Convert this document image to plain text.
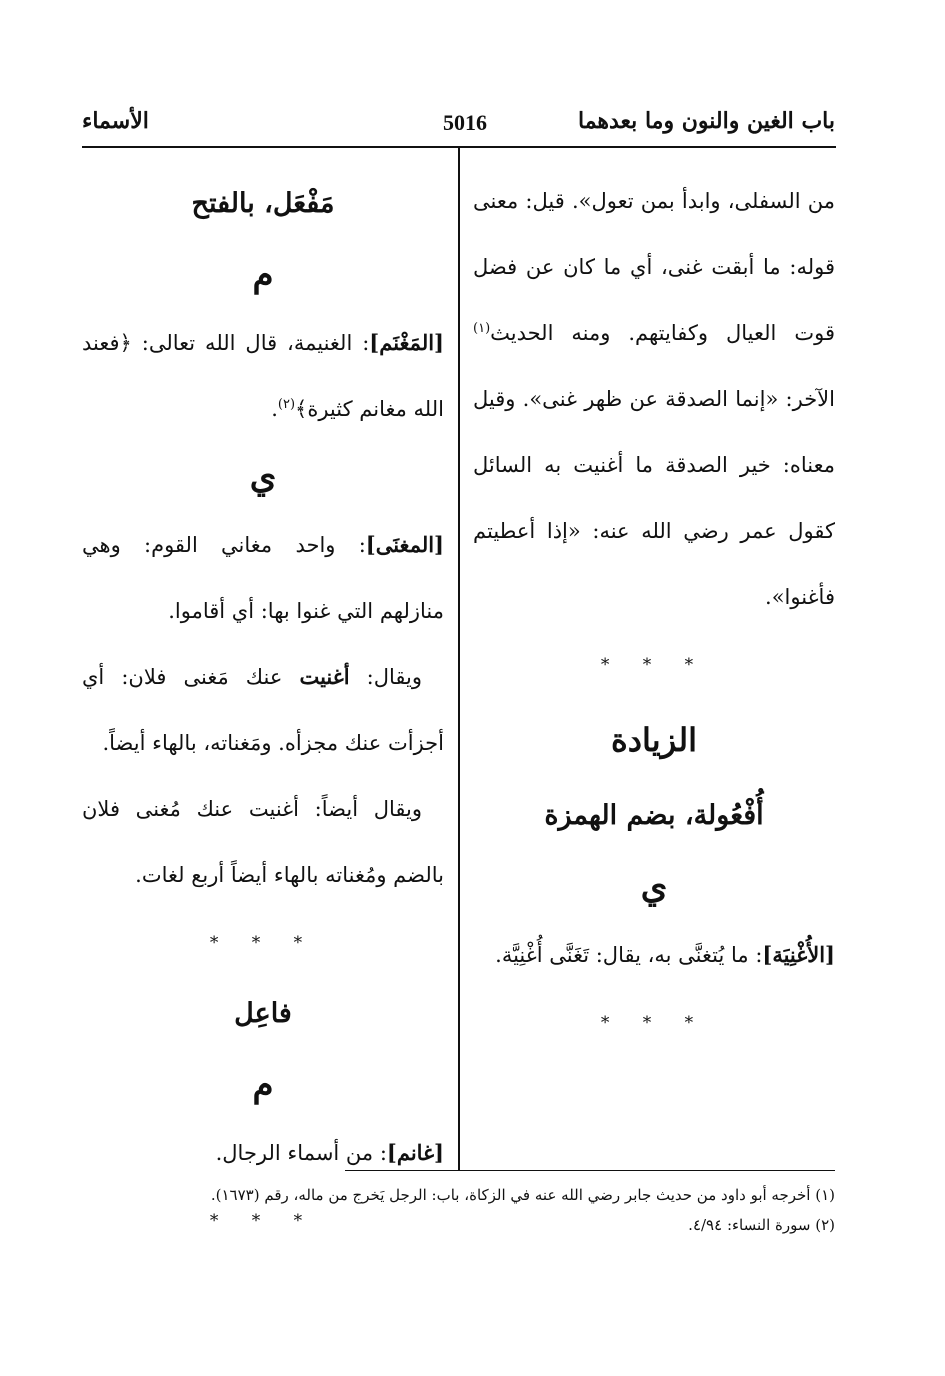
باب الغين والنون وما بعدهما
5016
الأسماء

من السفلى، وابدأ بمن تعول». قيل: معنى قوله: ما أبقت غنى، أي ما كان عن فضل قوت العيال وكفايتهم. ومنه الحديث$^{(١)}$ الآخر: «إنما الصدقة عن ظهر غنى». وقيل معناه: خير الصدقة ما أغنيت به السائل كقول عمر رضي الله عنه: «إذا أعطيتم فأغنوا».

* * *

الزيادة

أُفْعُولة، بضم الهمزة

ي

[الأُغْنِيَة]: ما يُتغنَّى به، يقال: تَغَنَّى أُغْنِيَّة.

* * *

مَفْعَل، بالفتح

م

[المَغْنَم]: الغنيمة، قال الله تعالى: ﴿فعند الله مغانم كثيرة﴾$^{(٢)}$.

ي

[المغنَى]: واحد مغاني القوم: وهي منازلهم التي غنوا بها: أي أقاموا.

ويقال: أغنيت عنك مَغنى فلان: أي أجزأت عنك مجزأه. ومَغناته، بالهاء أيضاً.

ويقال أيضاً: أغنيت عنك مُغنى فلان بالضم ومُغناته بالهاء أيضاً أربع لغات.

* * *

فاعِل

م

[غانم]: من أسماء الرجال.

* * *

(١) أخرجه أبو داود من حديث جابر رضي الله عنه في الزكاة، باب: الرجل يَخرج من ماله، رقم (١٦٧٣).

(٢) سورة النساء: ٤/٩٤.
